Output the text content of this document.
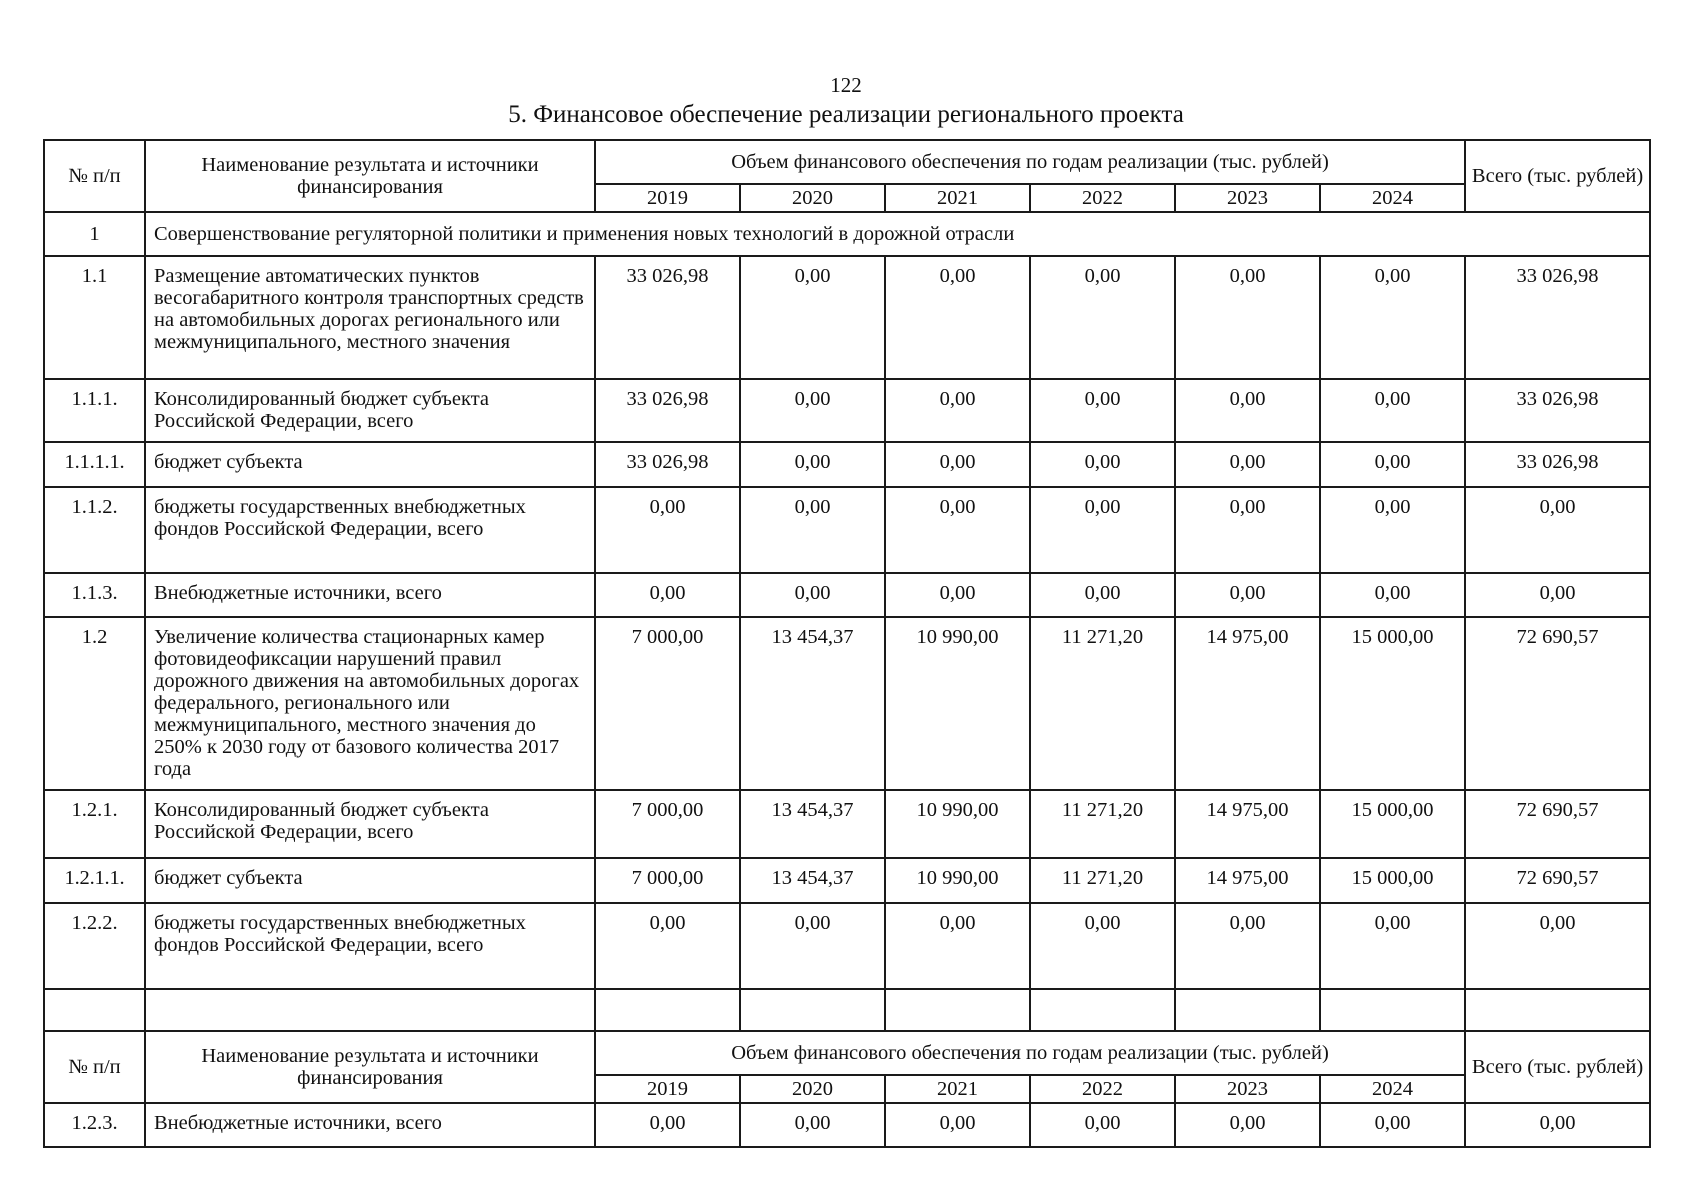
122
5. Финансовое обеспечение реализации регионального проекта
№ п/п	Наименование результата и источники финансирования	Объем финансового обеспечения по годам реализации (тыс. рублей)						Всего (тыс. рублей)
		2019	2020	2021	2022	2023	2024	
1	Совершенствование регуляторной политики и применения новых технологий в дорожной отрасли							
1.1	Размещение автоматических пунктов весогабаритного контроля транспортных средств на автомобильных дорогах регионального или межмуниципального, местного значения	33 026,98	0,00	0,00	0,00	0,00	0,00	33 026,98
1.1.1.	Консолидированный бюджет субъекта Российской Федерации, всего	33 026,98	0,00	0,00	0,00	0,00	0,00	33 026,98
1.1.1.1.	бюджет субъекта	33 026,98	0,00	0,00	0,00	0,00	0,00	33 026,98
1.1.2.	бюджеты государственных внебюджетных фондов Российской Федерации, всего	0,00	0,00	0,00	0,00	0,00	0,00	0,00
1.1.3.	Внебюджетные источники, всего	0,00	0,00	0,00	0,00	0,00	0,00	0,00
1.2	Увеличение количества стационарных камер фотовидеофиксации нарушений правил дорожного движения на автомобильных дорогах федерального, регионального или межмуниципального, местного значения до 250% к 2030 году от базового количества 2017 года	7 000,00	13 454,37	10 990,00	11 271,20	14 975,00	15 000,00	72 690,57
1.2.1.	Консолидированный бюджет субъекта Российской Федерации, всего	7 000,00	13 454,37	10 990,00	11 271,20	14 975,00	15 000,00	72 690,57
1.2.1.1.	бюджет субъекта	7 000,00	13 454,37	10 990,00	11 271,20	14 975,00	15 000,00	72 690,57
1.2.2.	бюджеты государственных внебюджетных фондов Российской Федерации, всего	0,00	0,00	0,00	0,00	0,00	0,00	0,00

№ п/п	Наименование результата и источники финансирования	Объем финансового обеспечения по годам реализации (тыс. рублей)						Всего (тыс. рублей)
		2019	2020	2021	2022	2023	2024	
1.2.3.	Внебюджетные источники, всего	0,00	0,00	0,00	0,00	0,00	0,00	0,00
